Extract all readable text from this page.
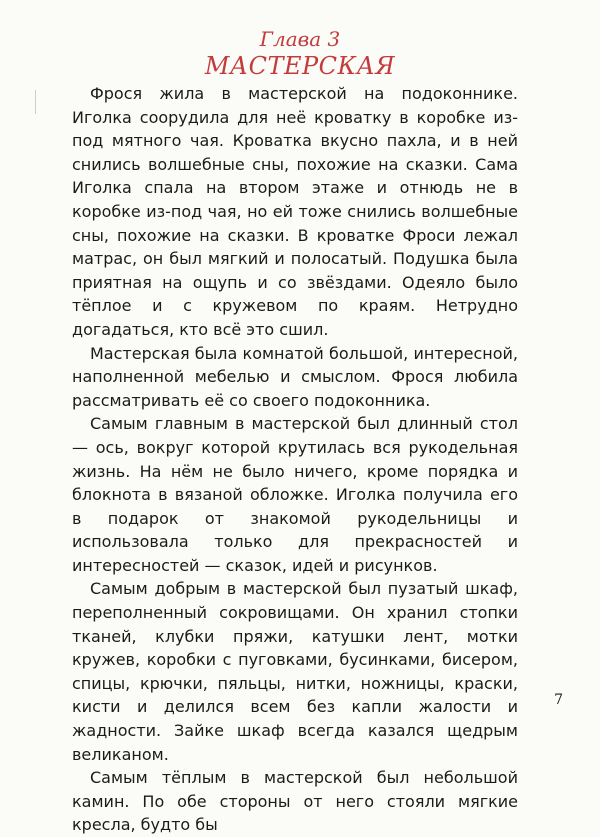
Глава 3
МАСТЕРСКАЯ

Фрося жила в мастерской на подоконнике. Иголка соорудила для неё кроватку в коробке из-под мятного чая. Кроватка вкусно пахла, и в ней снились волшебные сны, похожие на сказки. Сама Иголка спала на втором этаже и отнюдь не в коробке из-под чая, но ей тоже снились волшебные сны, похожие на сказки. В кроватке Фроси лежал матрас, он был мягкий и полосатый. Подушка была приятная на ощупь и со звёздами. Одеяло было тёплое и с кружевом по краям. Нетрудно догадаться, кто всё это сшил.

Мастерская была комнатой большой, интересной, наполненной мебелью и смыслом. Фрося любила рассматривать её со своего подоконника.

Самым главным в мастерской был длинный стол — ось, вокруг которой крутилась вся рукодельная жизнь. На нём не было ничего, кроме порядка и блокнота в вязаной обложке. Иголка получила его в подарок от знакомой рукодельницы и использовала только для прекрасностей и интересностей — сказок, идей и рисунков.

Самым добрым в мастерской был пузатый шкаф, переполненный сокровищами. Он хранил стопки тканей, клубки пряжи, катушки лент, мотки кружев, коробки с пуговками, бусинками, бисером, спицы, крючки, пяльцы, нитки, ножницы, краски, кисти и делился всем без капли жалости и жадности. Зайке шкаф всегда казался щедрым великаном.

Самым тёплым в мастерской был небольшой камин. По обе стороны от него стояли мягкие кресла, будто бы

7
